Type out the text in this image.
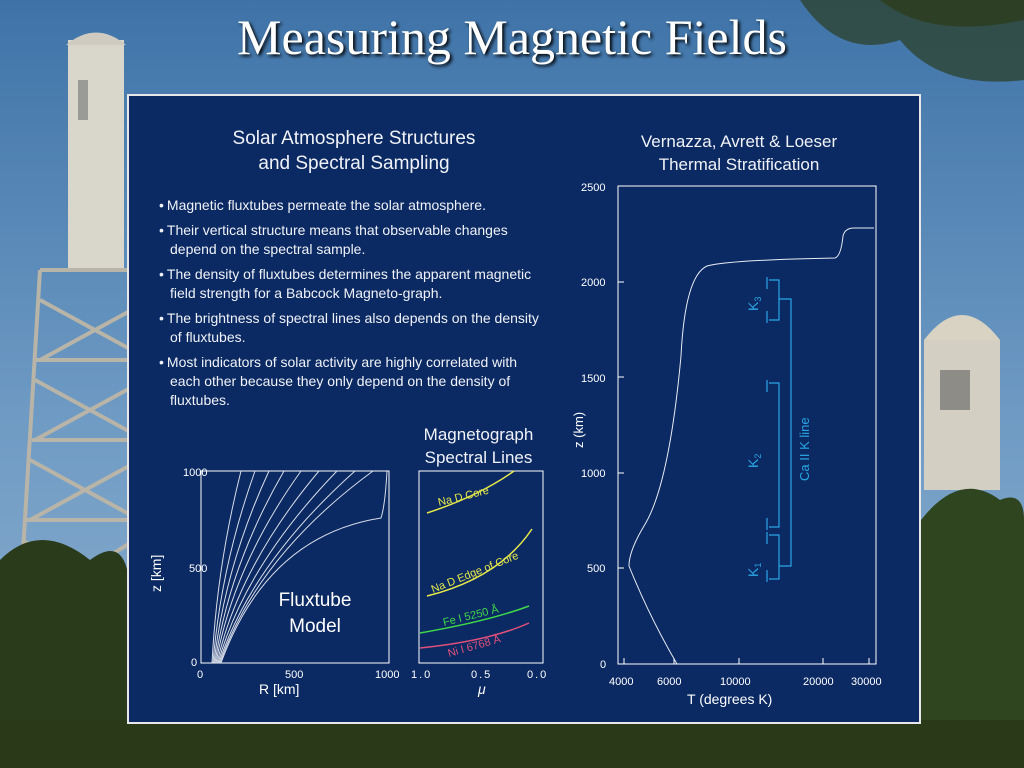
Measuring Magnetic Fields
Solar Atmosphere Structures
and Spectral Sampling
• Magnetic fluxtubes permeate the solar atmosphere.
• Their vertical structure means that observable changes depend on the spectral sample.
• The density of fluxtubes determines the apparent magnetic field strength for a Babcock Magneto-graph.
• The brightness of spectral lines also depends on the density of fluxtubes.
• Most indicators of solar activity are highly correlated with each other because they only depend on the density of fluxtubes.
Magnetograph
Spectral Lines
Vernazza, Avrett & Loeser
Thermal Stratification
1000
500
0
0	500	1000
R [km]
z [km]
Fluxtube
Model
Na D Core
Na D Edge of Core
Fe I 5250 Å
Ni I 6768 Å
1.0	0.5	0.0
μ
2500
2000
1500
1000
500
0
4000 6000	10000	20000 30000
T (degrees K)
z (km)
$K_3$
$K_2$
$K_1$
Ca II K line
